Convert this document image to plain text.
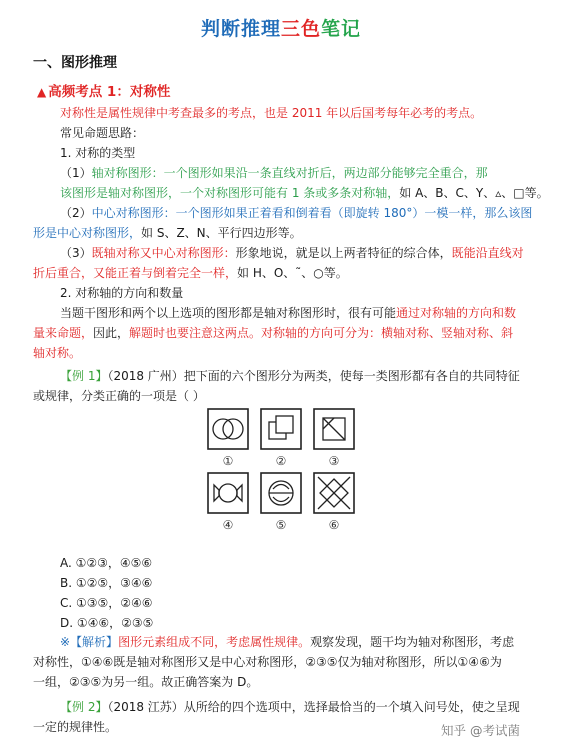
判断推理三色笔记
一、图形推理
▲ 高频考点 1：对称性
对称性是属性规律中考查最多的考点，也是 2011 年以后国考每年必考的考点。
常见命题思路：
1. 对称的类型
（1）轴对称图形：一个图形如果沿一条直线对折后，两边部分能够完全重合，那
该图形是轴对称图形，一个对称图形可能有 1 条或多条对称轴，如 A、B、C、Y、▵、□等。
（2）中心对称图形：一个图形如果正着看和倒着看（即旋转 180°）一模一样，那么该图
形是中心对称图形，如 S、Z、N、平行四边形等。
（3）既轴对称又中心对称图形：形象地说，就是以上两者特征的综合体，既能沿直线对
折后重合，又能正着与倒着完全一样，如 H、O、˜、○等。
2. 对称轴的方向和数量
当题干图形和两个以上选项的图形都是轴对称图形时，很有可能通过对称轴的方向和数
量来命题，因此，解题时也要注意这两点。对称轴的方向可分为：横轴对称、竖轴对称、斜
轴对称。
【例 1】（2018 广州）把下面的六个图形分为两类，使每一类图形都有各自的共同特征
或规律，分类正确的一项是（ ）
①	②	③
④	⑤	⑥
A. ①②③，④⑤⑥
B. ①②⑤，③④⑥
C. ①③⑤，②④⑥
D. ①④⑥，②③⑤
※【解析】图形元素组成不同，考虑属性规律。观察发现，题干均为轴对称图形，考虑
对称性，①④⑥既是轴对称图形又是中心对称图形，②③⑤仅为轴对称图形，所以①④⑥为
一组，②③⑤为另一组。故正确答案为 D。
【例 2】（2018 江苏）从所给的四个选项中，选择最恰当的一个填入问号处，使之呈现
一定的规律性。	知乎 @考试菌
